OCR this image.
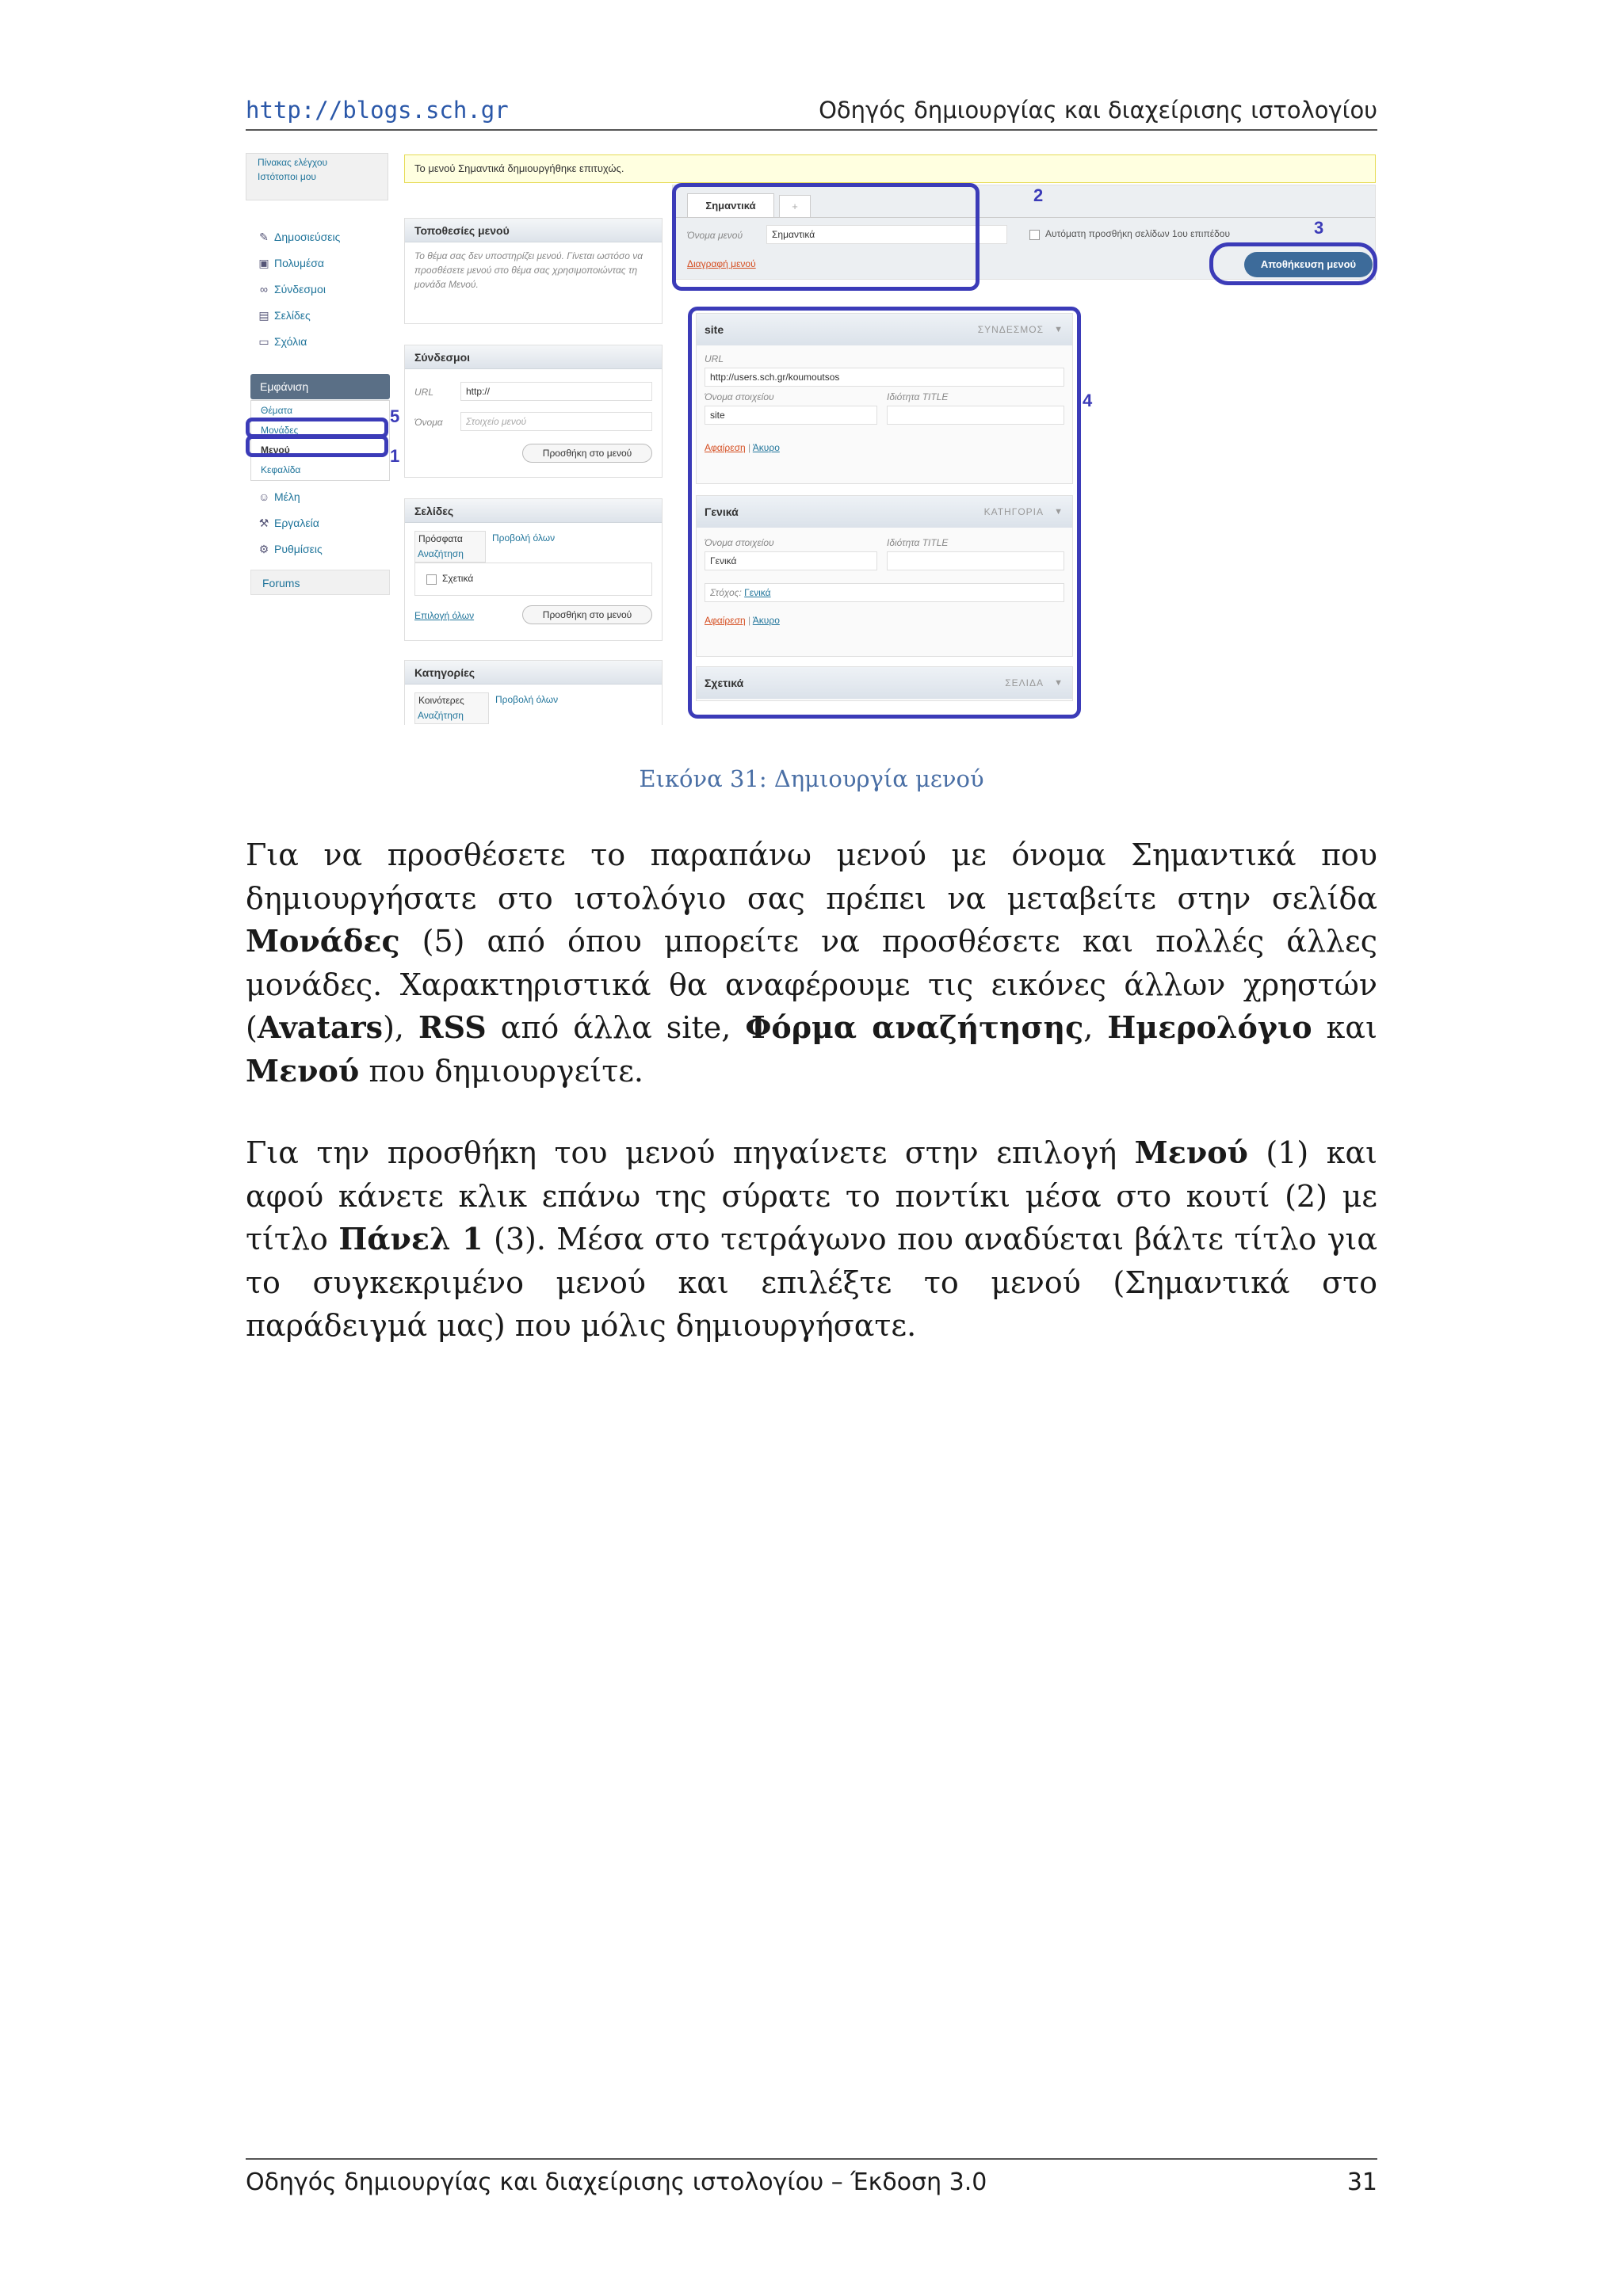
http://blogs.sch.gr	Οδηγός δημιουργίας και διαχείρισης ιστολογίου
Πίνακας ελέγχου
Ιστότοποι μου
✎ Δημοσιεύσεις
▣ Πολυμέσα
∞ Σύνδεσμοι
▤ Σελίδες
▭ Σχόλια
Εμφάνιση
Θέματα
Μονάδες
Μενού
Κεφαλίδα
☺ Μέλη
⚒ Εργαλεία
⚙ Ρυθμίσεις
Forums
Το μενού Σημαντικά δημιουργήθηκε επιτυχώς.
Τοποθεσίες μενού
Το θέμα σας δεν υποστηρίζει μενού. Γίνεται ωστόσο να προσθέσετε μενού στο θέμα σας χρησιμοποιώντας τη μονάδα Μενού.
Σύνδεσμοι
URL	http://
Όνομα	Στοιχείο μενού
Προσθήκη στο μενού
Σελίδες
Πρόσφατα	Προβολή όλων
Αναζήτηση
Σχετικά
Επιλογή όλων	Προσθήκη στο μενού
Κατηγορίες
Κοινότερες	Προβολή όλων
Αναζήτηση
Σημαντικά	+
Όνομα μενού	Σημαντικά	Αυτόματη προσθήκη σελίδων 1ου επιπέδου
Διαγραφή μενού	Αποθήκευση μενού
site	ΣΥΝΔΕΣΜΟΣ ▼
URL
http://users.sch.gr/koumoutsos
Όνομα στοιχείου
site
Ιδιότητα TITLE
Αφαίρεση | Άκυρο
Γενικά	ΚΑΤΗΓΟΡΙΑ ▼
Όνομα στοιχείου
Γενικά
Ιδιότητα TITLE
Στόχος: Γενικά
Αφαίρεση | Άκυρο
Σχετικά	ΣΕΛΙΔΑ ▼
1
2
3
4
5
Εικόνα 31: Δημιουργία μενού
Για να προσθέσετε το παραπάνω μενού με όνομα Σημαντικά που δημιουργήσατε στο ιστολόγιο σας πρέπει να μεταβείτε στην σελίδα Μονάδες (5) από όπου μπορείτε να προσθέσετε και πολλές άλλες μονάδες. Χαρακτηριστικά θα αναφέρουμε τις εικόνες άλλων χρηστών (Avatars), RSS από άλλα site, Φόρμα αναζήτησης, Ημερολόγιο και Μενού που δημιουργείτε.
Για την προσθήκη του μενού πηγαίνετε στην επιλογή Μενού (1) και αφού κάνετε κλικ επάνω της σύρατε το ποντίκι μέσα στο κουτί (2) με τίτλο Πάνελ 1 (3). Μέσα στο τετράγωνο που αναδύεται βάλτε τίτλο για το συγκεκριμένο μενού και επιλέξτε το μενού (Σημαντικά στο παράδειγμά μας) που μόλις δημιουργήσατε.
Οδηγός δημιουργίας και διαχείρισης ιστολογίου – Έκδοση 3.0	31
